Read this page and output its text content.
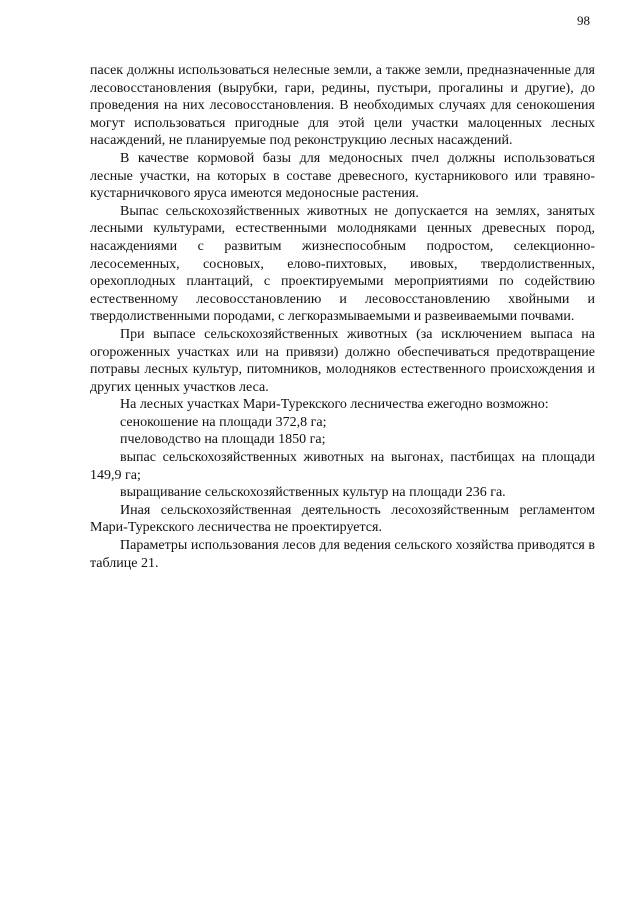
98

пасек должны использоваться нелесные земли, а также земли, предназначенные для лесовосстановления (вырубки, гари, редины, пустыри, прогалины и другие), до проведения на них лесовосстановления. В необходимых случаях для сенокошения могут использоваться пригодные для этой цели участки малоценных лесных насаждений, не планируемые под реконструкцию лесных насаждений.

В качестве кормовой базы для медоносных пчел должны использоваться лесные участки, на которых в составе древесного, кустарникового или травяно-кустарничкового яруса имеются медоносные растения.

Выпас сельскохозяйственных животных не допускается на землях, занятых лесными культурами, естественными молодняками ценных древесных пород, насаждениями с развитым жизнеспособным подростом, селекционно-лесосеменных, сосновых, елово-пихтовых, ивовых, твердолиственных, орехоплодных плантаций, с проектируемыми мероприятиями по содействию естественному лесовосстановлению и лесовосстановлению хвойными и твердолиственными породами, с легкоразмываемыми и развеиваемыми почвами.

При выпасе сельскохозяйственных животных (за исключением выпаса на огороженных участках или на привязи) должно обеспечиваться предотвращение потравы лесных культур, питомников, молодняков естественного происхождения и других ценных участков леса.

На лесных участках Мари-Турекского лесничества ежегодно возможно:

сенокошение на площади 372,8 га;

пчеловодство на площади 1850 га;

выпас сельскохозяйственных животных на выгонах, пастбищах на площади 149,9 га;

выращивание сельскохозяйственных культур на площади 236 га.

Иная сельскохозяйственная деятельность лесохозяйственным регламентом Мари-Турекского лесничества не проектируется.

Параметры использования лесов для ведения сельского хозяйства приводятся в таблице 21.
